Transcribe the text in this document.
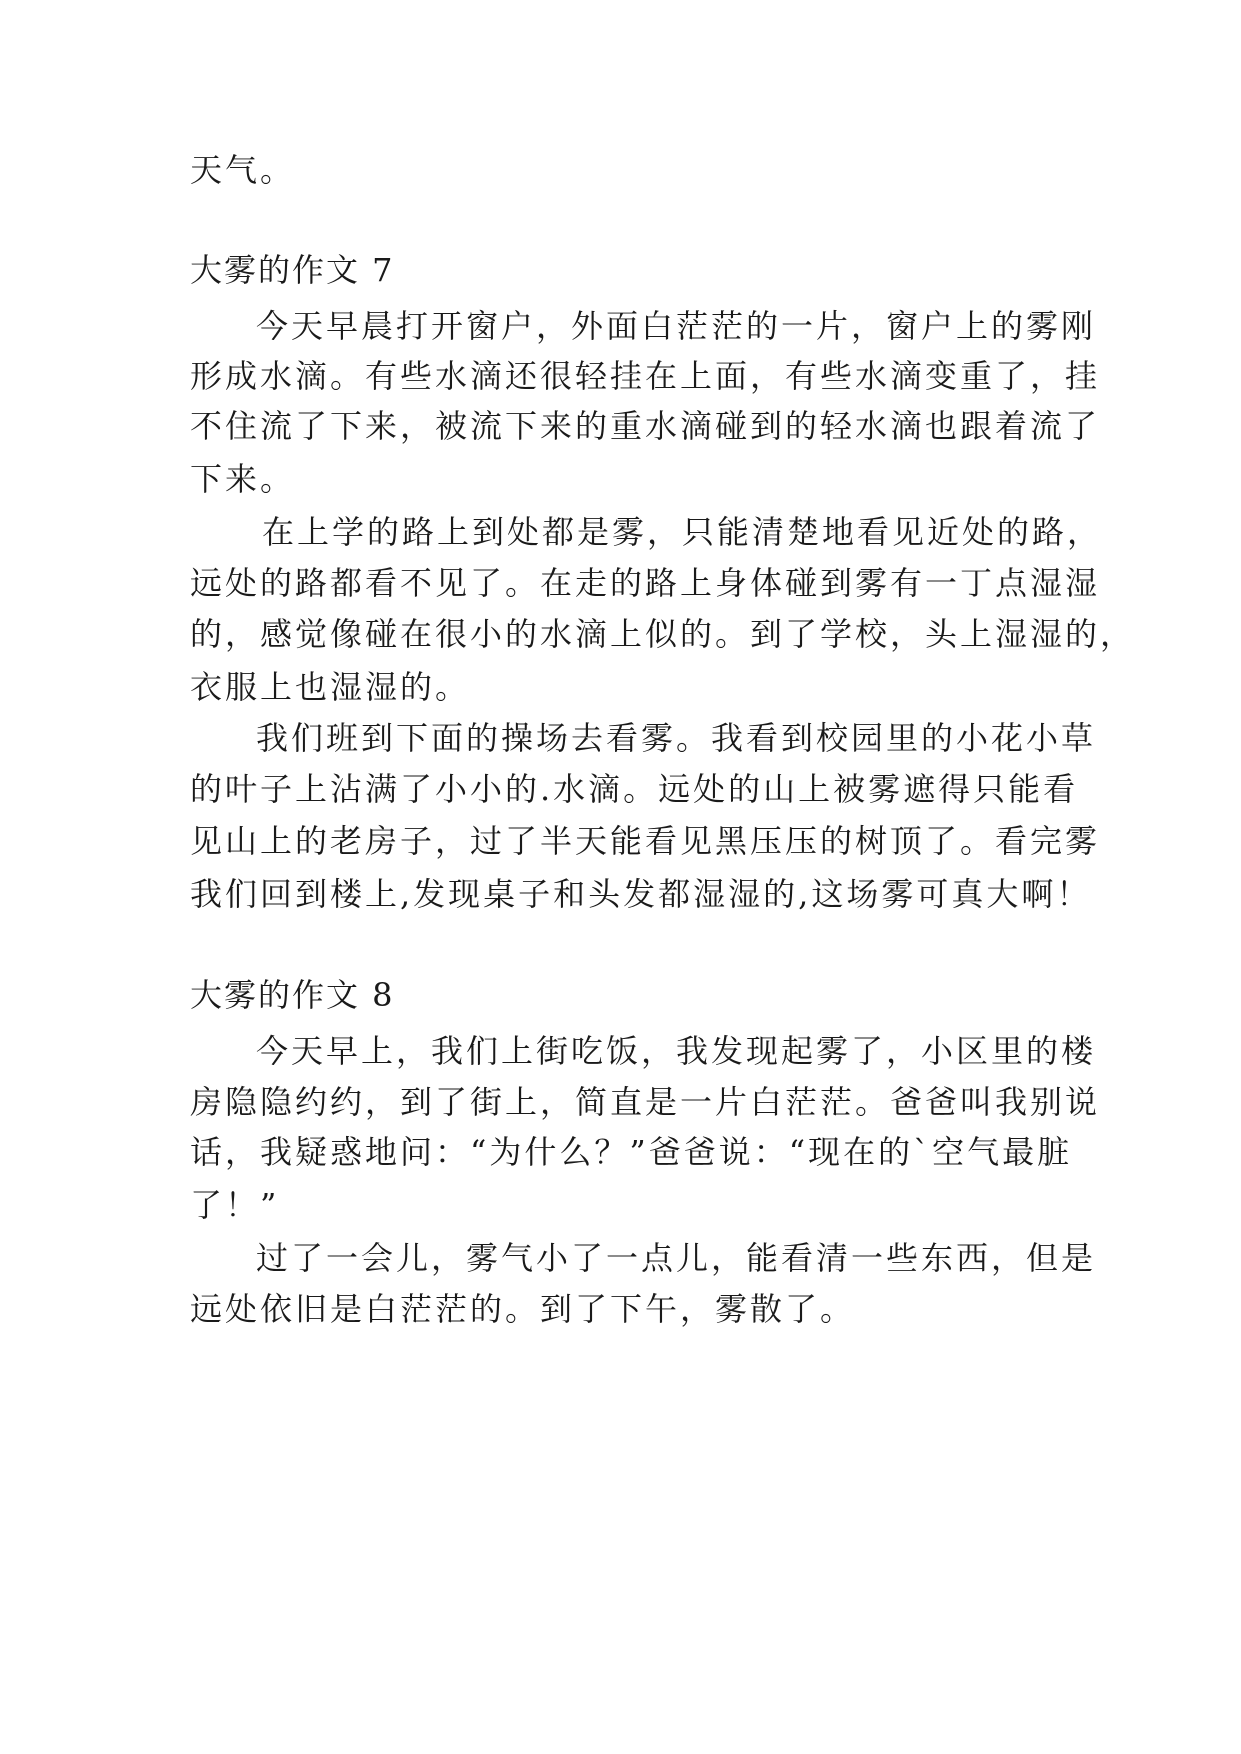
天气。
大雾的作文 7
今天早晨打开窗户，外面白茫茫的一片，窗户上的雾刚
形成水滴。有些水滴还很轻挂在上面，有些水滴变重了，挂
不住流了下来，被流下来的重水滴碰到的轻水滴也跟着流了
下来。
在上学的路上到处都是雾，只能清楚地看见近处的路，
远处的路都看不见了。在走的路上身体碰到雾有一丁点湿湿
的，感觉像碰在很小的水滴上似的。到了学校，头上湿湿的，
衣服上也湿湿的。
我们班到下面的操场去看雾。我看到校园里的小花小草
的叶子上沾满了小小的.水滴。远处的山上被雾遮得只能看
见山上的老房子，过了半天能看见黑压压的树顶了。看完雾
我们回到楼上,发现桌子和头发都湿湿的,这场雾可真大啊！
大雾的作文 8
今天早上，我们上街吃饭，我发现起雾了，小区里的楼
房隐隐约约，到了街上，简直是一片白茫茫。爸爸叫我别说
话，我疑惑地问：“为什么？”爸爸说：“现在的`空气最脏
了！”
过了一会儿，雾气小了一点儿，能看清一些东西，但是
远处依旧是白茫茫的。到了下午，雾散了。
